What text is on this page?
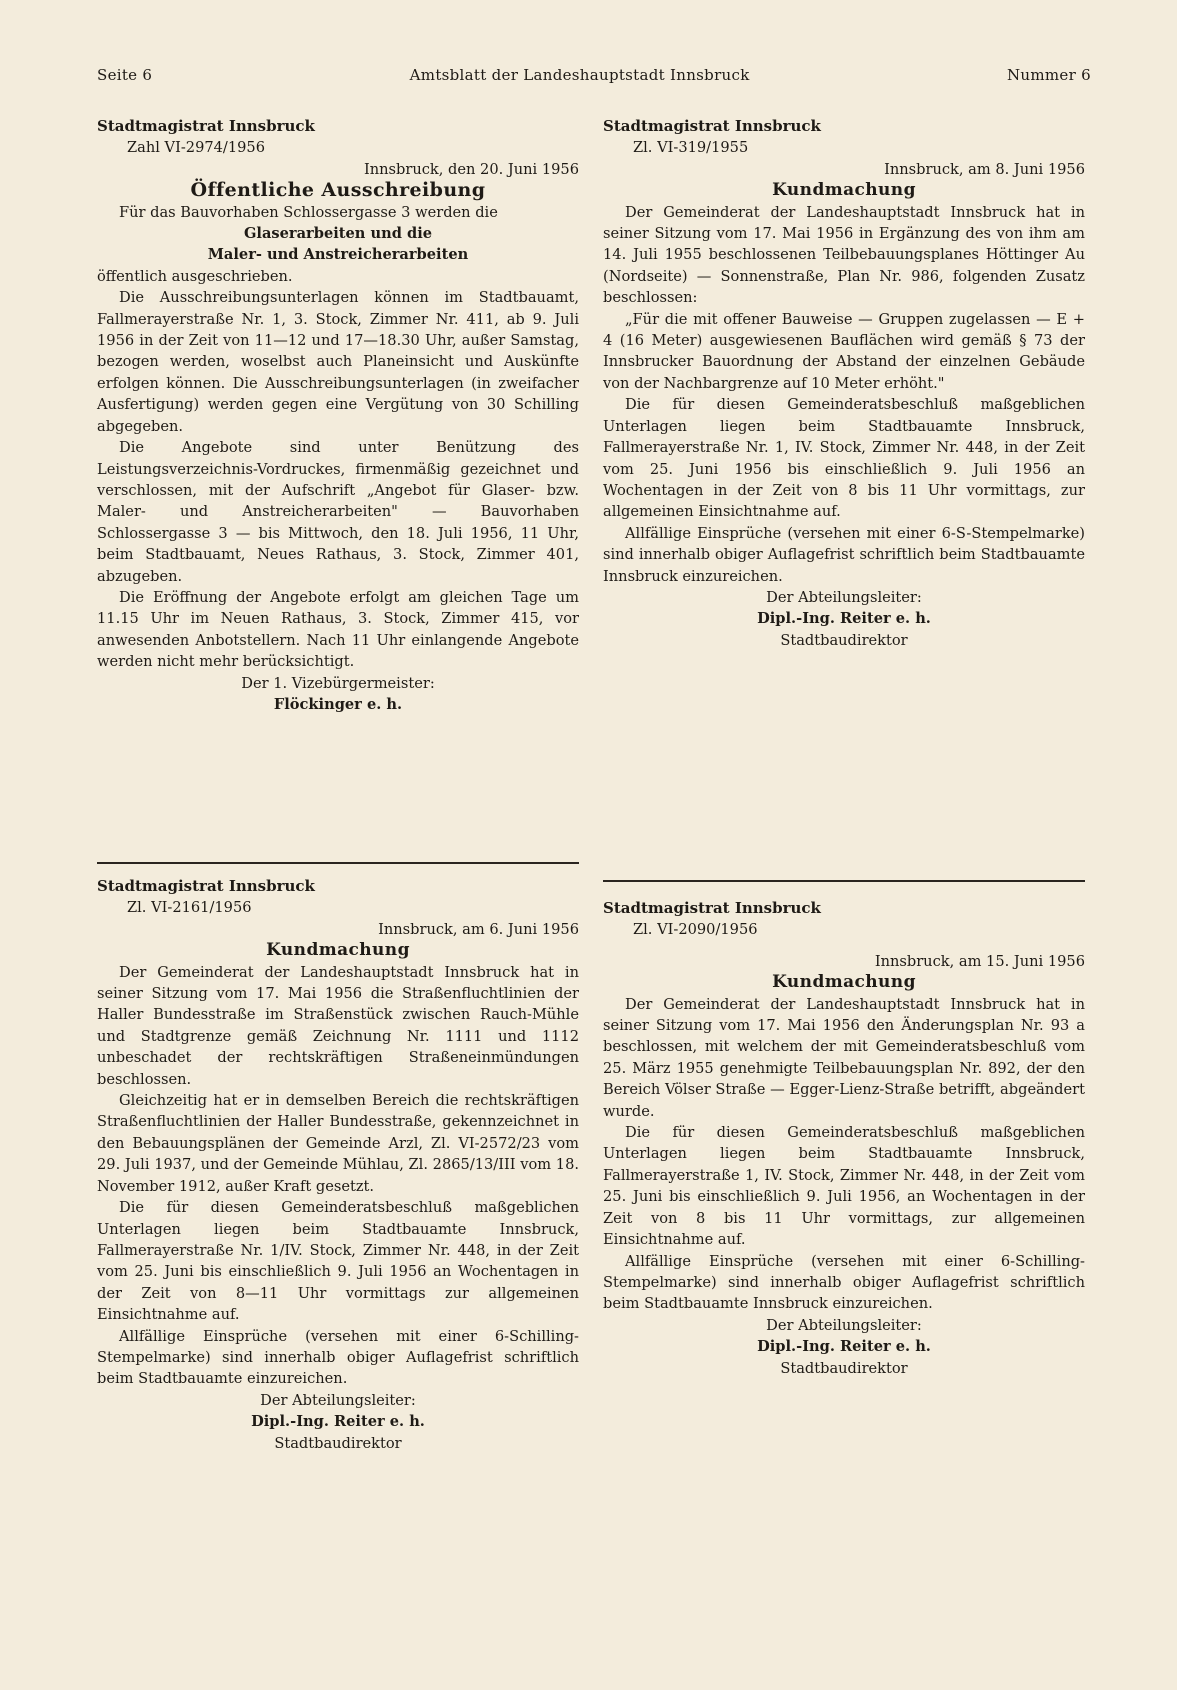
Seite 6	Amtsblatt der Landeshauptstadt Innsbruck	Nummer 6

Stadtmagistrat Innsbruck

Zahl VI-2974/1956

Innsbruck, den 20. Juni 1956

Öffentliche Ausschreibung

Für das Bauvorhaben Schlossergasse 3 werden die

Glaserarbeiten und die

Maler- und Anstreicherarbeiten

öffentlich ausgeschrieben.

Die Ausschreibungsunterlagen können im Stadtbauamt, Fallmerayerstraße Nr. 1, 3. Stock, Zimmer Nr. 411, ab 9. Juli 1956 in der Zeit von 11—12 und 17—18.30 Uhr, außer Samstag, bezogen werden, woselbst auch Planeinsicht und Auskünfte erfolgen können. Die Ausschreibungsunterlagen (in zweifacher Ausfertigung) werden gegen eine Vergütung von 30 Schilling abgegeben.

Die Angebote sind unter Benützung des Leistungsverzeichnis-Vordruckes, firmenmäßig gezeichnet und verschlossen, mit der Aufschrift „Angebot für Glaser- bzw. Maler- und Anstreicherarbeiten" — Bauvorhaben Schlossergasse 3 — bis Mittwoch, den 18. Juli 1956, 11 Uhr, beim Stadtbauamt, Neues Rathaus, 3. Stock, Zimmer 401, abzugeben.

Die Eröffnung der Angebote erfolgt am gleichen Tage um 11.15 Uhr im Neuen Rathaus, 3. Stock, Zimmer 415, vor anwesenden Anbotstellern. Nach 11 Uhr einlangende Angebote werden nicht mehr berücksichtigt.

Der 1. Vizebürgermeister:

Flöckinger e. h.

Stadtmagistrat Innsbruck

Zl. VI-2161/1956

Innsbruck, am 6. Juni 1956

Kundmachung

Der Gemeinderat der Landeshauptstadt Innsbruck hat in seiner Sitzung vom 17. Mai 1956 die Straßenfluchtlinien der Haller Bundesstraße im Straßenstück zwischen Rauch-Mühle und Stadtgrenze gemäß Zeichnung Nr. 1111 und 1112 unbeschadet der rechtskräftigen Straßeneinmündungen beschlossen.

Gleichzeitig hat er in demselben Bereich die rechtskräftigen Straßenfluchtlinien der Haller Bundesstraße, gekennzeichnet in den Bebauungsplänen der Gemeinde Arzl, Zl. VI-2572/23 vom 29. Juli 1937, und der Gemeinde Mühlau, Zl. 2865/13/III vom 18. November 1912, außer Kraft gesetzt.

Die für diesen Gemeinderatsbeschluß maßgeblichen Unterlagen liegen beim Stadtbauamte Innsbruck, Fallmerayerstraße Nr. 1/IV. Stock, Zimmer Nr. 448, in der Zeit vom 25. Juni bis einschließlich 9. Juli 1956 an Wochentagen in der Zeit von 8—11 Uhr vormittags zur allgemeinen Einsichtnahme auf.

Allfällige Einsprüche (versehen mit einer 6-Schilling-Stempelmarke) sind innerhalb obiger Auflagefrist schriftlich beim Stadtbauamte einzureichen.

Der Abteilungsleiter:

Dipl.-Ing. Reiter e. h.

Stadtbaudirektor

Stadtmagistrat Innsbruck

Zl. VI-319/1955

Innsbruck, am 8. Juni 1956

Kundmachung

Der Gemeinderat der Landeshauptstadt Innsbruck hat in seiner Sitzung vom 17. Mai 1956 in Ergänzung des von ihm am 14. Juli 1955 beschlossenen Teilbebauungsplanes Höttinger Au (Nordseite) — Sonnenstraße, Plan Nr. 986, folgenden Zusatz beschlossen:

„Für die mit offener Bauweise — Gruppen zugelassen — E + 4 (16 Meter) ausgewiesenen Bauflächen wird gemäß § 73 der Innsbrucker Bauordnung der Abstand der einzelnen Gebäude von der Nachbargrenze auf 10 Meter erhöht."

Die für diesen Gemeinderatsbeschluß maßgeblichen Unterlagen liegen beim Stadtbauamte Innsbruck, Fallmerayerstraße Nr. 1, IV. Stock, Zimmer Nr. 448, in der Zeit vom 25. Juni 1956 bis einschließlich 9. Juli 1956 an Wochentagen in der Zeit von 8 bis 11 Uhr vormittags, zur allgemeinen Einsichtnahme auf.

Allfällige Einsprüche (versehen mit einer 6-S-Stempelmarke) sind innerhalb obiger Auflagefrist schriftlich beim Stadtbauamte Innsbruck einzureichen.

Der Abteilungsleiter:

Dipl.-Ing. Reiter e. h.

Stadtbaudirektor

Stadtmagistrat Innsbruck

Zl. VI-2090/1956

Innsbruck, am 15. Juni 1956

Kundmachung

Der Gemeinderat der Landeshauptstadt Innsbruck hat in seiner Sitzung vom 17. Mai 1956 den Änderungsplan Nr. 93 a beschlossen, mit welchem der mit Gemeinderatsbeschluß vom 25. März 1955 genehmigte Teilbebauungsplan Nr. 892, der den Bereich Völser Straße — Egger-Lienz-Straße betrifft, abgeändert wurde.

Die für diesen Gemeinderatsbeschluß maßgeblichen Unterlagen liegen beim Stadtbauamte Innsbruck, Fallmerayerstraße 1, IV. Stock, Zimmer Nr. 448, in der Zeit vom 25. Juni bis einschließlich 9. Juli 1956, an Wochentagen in der Zeit von 8 bis 11 Uhr vormittags, zur allgemeinen Einsichtnahme auf.

Allfällige Einsprüche (versehen mit einer 6-Schilling-Stempelmarke) sind innerhalb obiger Auflagefrist schriftlich beim Stadtbauamte Innsbruck einzureichen.

Der Abteilungsleiter:

Dipl.-Ing. Reiter e. h.

Stadtbaudirektor
